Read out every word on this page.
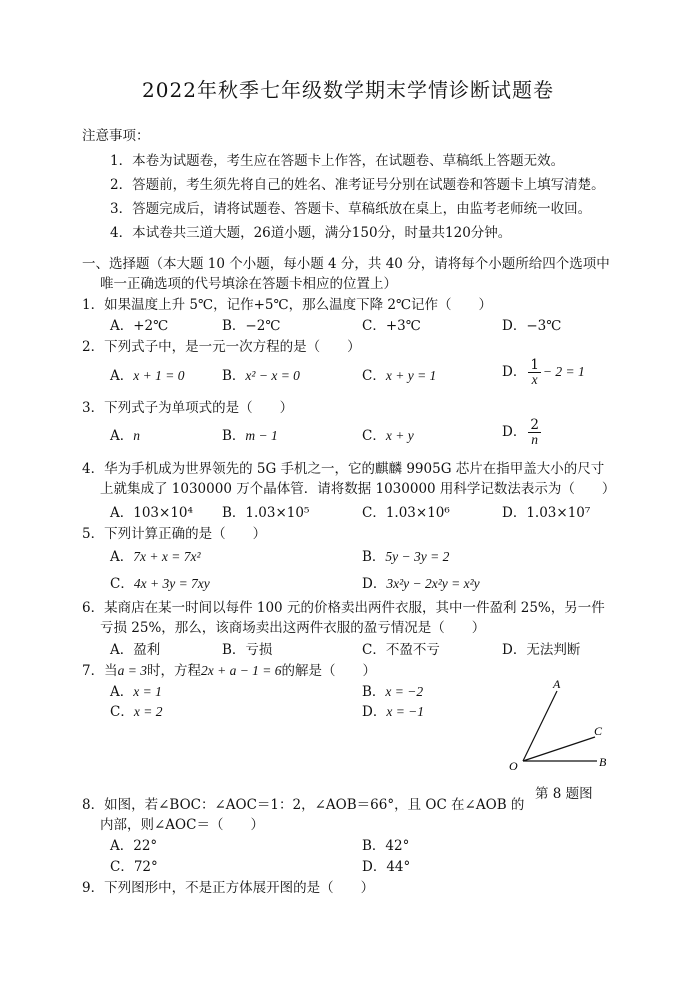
2022年秋季七年级数学期末学情诊断试题卷
注意事项：
1．本卷为试题卷，考生应在答题卡上作答，在试题卷、草稿纸上答题无效。
2．答题前，考生须先将自己的姓名、准考证号分别在试题卷和答题卡上填写清楚。
3．答题完成后，请将试题卷、答题卡、草稿纸放在桌上，由监考老师统一收回。
4．本试卷共三道大题，26道小题，满分150分，时量共120分钟。
一、选择题（本大题 10 个小题，每小题 4 分，共 40 分，请将每个小题所给四个选项中
唯一正确选项的代号填涂在答题卡相应的位置上）
1．如果温度上升 5℃，记作+5℃，那么温度下降 2℃记作（　　）
A．+2℃	B．−2℃	C．+3℃	D．−3℃
2．下列式子中，是一元一次方程的是（　　）
A．x + 1 = 0	B．x² − x = 0	C．x + y = 1	D． $\frac{1}{x} - 2 = 1$
3．下列式子为单项式的是（　　）
A．n	B．m − 1	C．x + y	D． $\frac{2}{n}$
4．华为手机成为世界领先的 5G 手机之一，它的麒麟 9905G 芯片在指甲盖大小的尺寸
上就集成了 1030000 万个晶体管．请将数据 1030000 用科学记数法表示为（　　）
A．103×10⁴ B．1.03×10⁵	C．1.03×10⁶	D．1.03×10⁷
5．下列计算正确的是（　　）
A．7x + x = 7x²	B．5y − 3y = 2
C．4x + 3y = 7xy	D．3x²y − 2x²y = x²y
6．某商店在某一时间以每件 100 元的价格卖出两件衣服，其中一件盈利 25%，另一件
亏损 25%，那么，该商场卖出这两件衣服的盈亏情况是（　　）
A．盈利	B．亏损	C．不盈不亏	D．无法判断
7．当a = 3时，方程2x + a − 1 = 6的解是（　　）
A．x = 1	B．x = −2
C．x = 2	D．x = −1
A
C
B
O
第 8 题图
8．如图，若∠BOC：∠AOC＝1：2，∠AOB＝66°，且 OC 在∠AOB 的
内部，则∠AOC＝（　　）
A．22°	B．42°
C．72°	D．44°
9．下列图形中，不是正方体展开图的是（　　）
